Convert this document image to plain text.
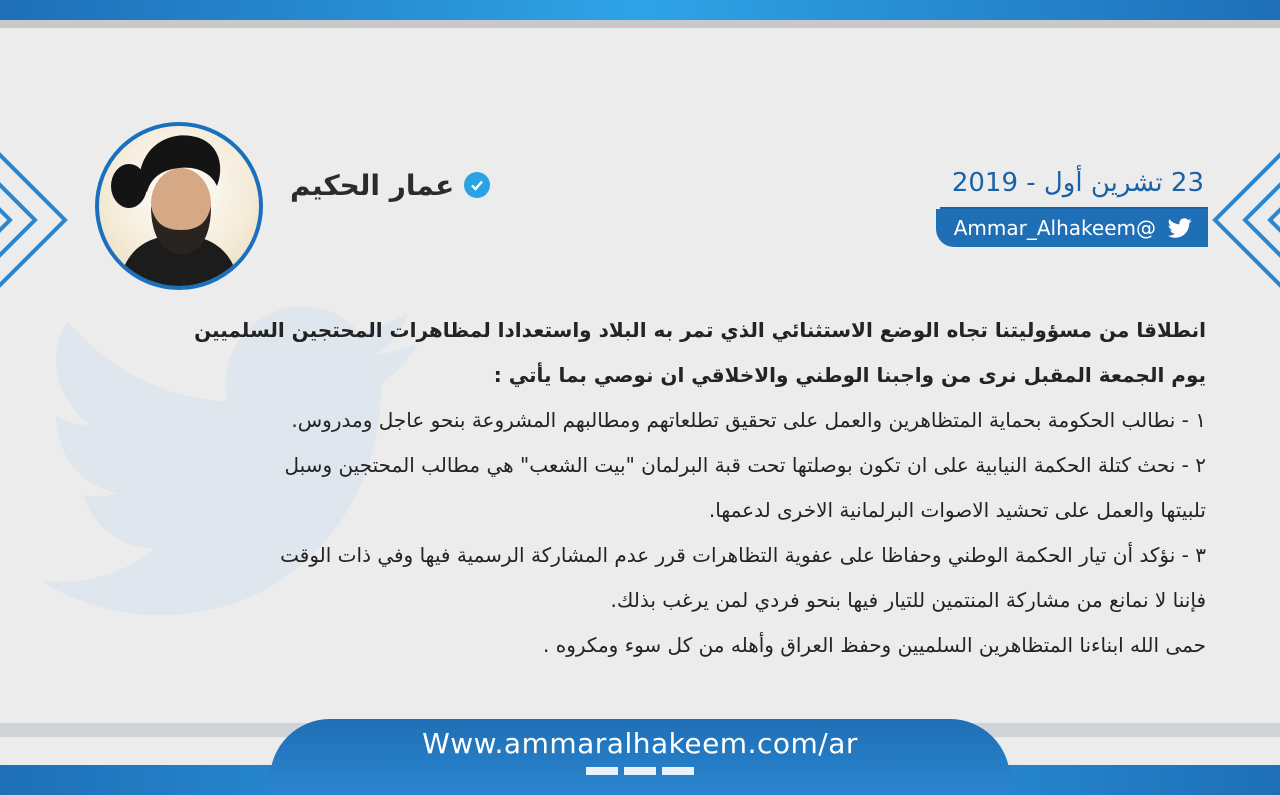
عمار الحكيم	23 تشرين أول - 2019
Ammar_Alhakeem@

انطلاقا من مسؤوليتنا تجاه الوضع الاستثنائي الذي تمر به البلاد واستعدادا لمظاهرات المحتجين السلميين

يوم الجمعة المقبل نرى من واجبنا الوطني والاخلاقي ان نوصي بما يأتي :

١ - نطالب الحكومة بحماية المتظاهرين والعمل على تحقيق تطلعاتهم ومطالبهم المشروعة بنحو عاجل ومدروس.

٢ - نحث كتلة الحكمة النيابية على ان تكون بوصلتها تحت قبة البرلمان "بيت الشعب" هي مطالب المحتجين وسبل

تلبيتها والعمل على تحشيد الاصوات البرلمانية الاخرى لدعمها.

٣ - نؤكد أن تيار الحكمة الوطني وحفاظا على عفوية التظاهرات قرر عدم المشاركة الرسمية فيها وفي ذات الوقت

فإننا لا نمانع من مشاركة المنتمين للتيار فيها بنحو فردي لمن يرغب بذلك.

حمى الله ابناءنا المتظاهرين السلميين وحفظ العراق وأهله من كل سوء ومكروه .

Www.ammaralhakeem.com/ar
